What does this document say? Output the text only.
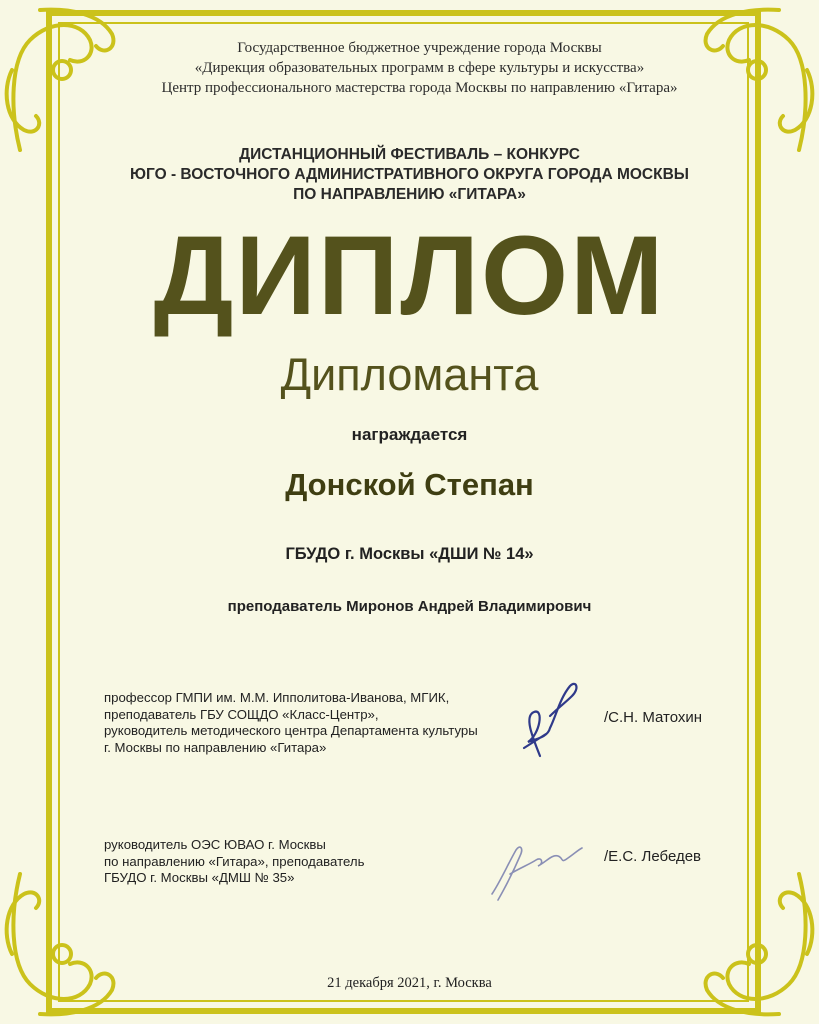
Государственное бюджетное учреждение города Москвы
«Дирекция образовательных программ в сфере культуры и искусства»
Центр профессионального мастерства города Москвы по направлению «Гитара»
ДИСТАНЦИОННЫЙ ФЕСТИВАЛЬ – КОНКУРС
ЮГО - ВОСТОЧНОГО АДМИНИСТРАТИВНОГО ОКРУГА ГОРОДА МОСКВЫ
ПО НАПРАВЛЕНИЮ «ГИТАРА»
ДИПЛОМ
Дипломанта
награждается
Донской Степан
ГБУДО г. Москвы «ДШИ № 14»
преподаватель Миронов Андрей Владимирович
профессор ГМПИ им. М.М. Ипполитова-Иванова, МГИК,
преподаватель ГБУ СОЩДО «Класс-Центр»,
руководитель методического центра Департамента культуры
г. Москвы по направлению «Гитара»
/С.Н. Матохин
руководитель ОЭС ЮВАО г. Москвы
по направлению «Гитара», преподаватель
ГБУДО г. Москвы «ДМШ № 35»
/Е.С. Лебедев
21 декабря 2021, г. Москва
